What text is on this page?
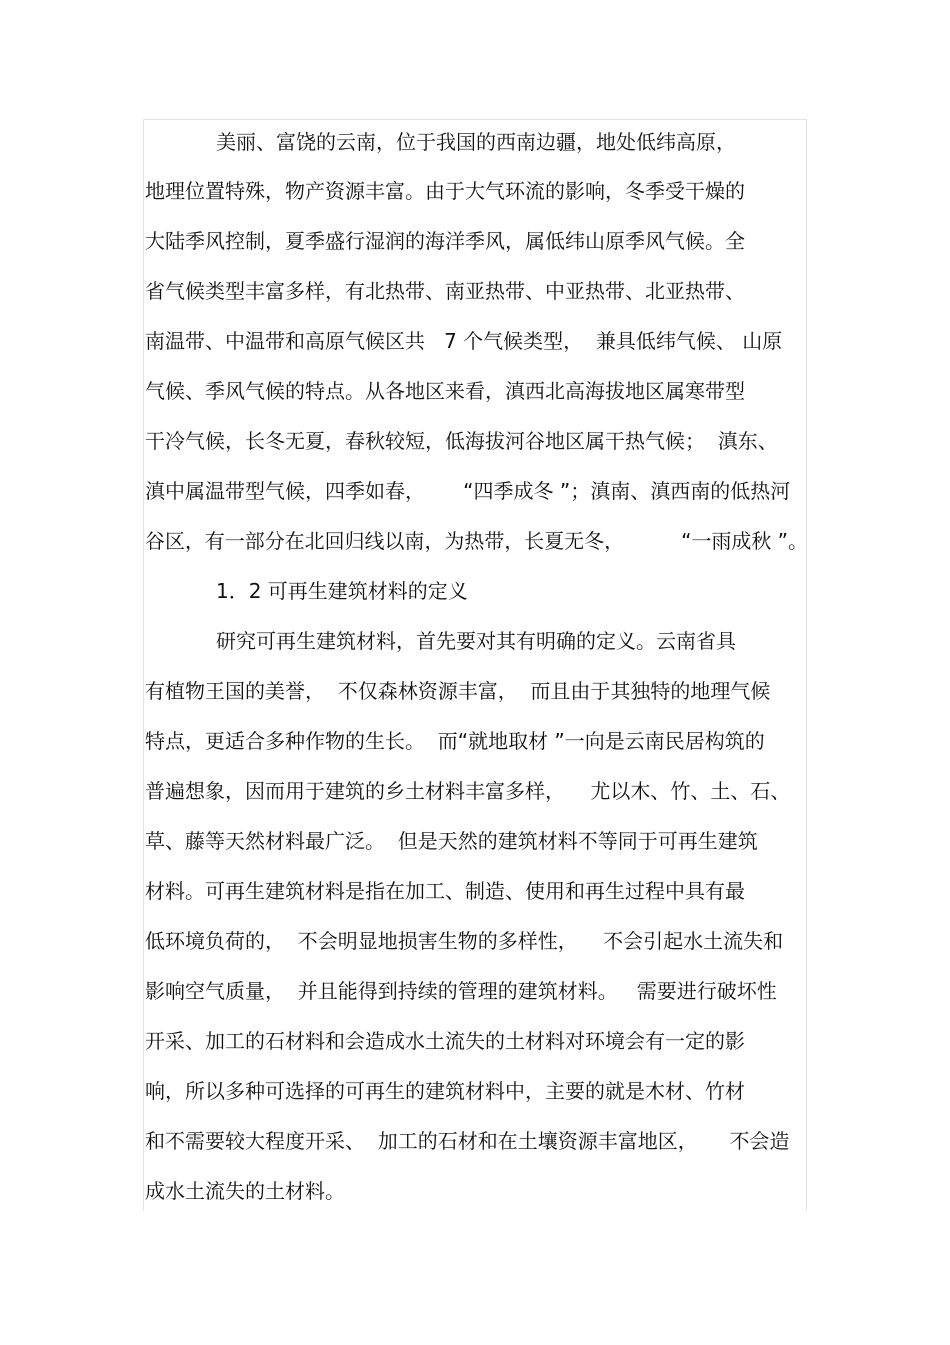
美丽、富饶的云南，位于我国的西南边疆，地处低纬高原，
地理位置特殊，物产资源丰富。由于大气环流的影响，冬季受干燥的
大陆季风控制，夏季盛行湿润的海洋季风，属低纬山原季风气候。全
省气候类型丰富多样，有北热带、南亚热带、中亚热带、北亚热带、
南温带、中温带和高原气候区共   7 个气候类型，  兼具低纬气候、 山原
气候、季风气候的特点。从各地区来看，滇西北高海拔地区属寒带型
干冷气候，长冬无夏，春秋较短，低海拔河谷地区属干热气候；  滇东、
滇中属温带型气候，四季如春，      “四季成冬 ”；滇南、滇西南的低热河
谷区，有一部分在北回归线以南，为热带，长夏无冬，         “一雨成秋 ”。
1．2 可再生建筑材料的定义
研究可再生建筑材料，首先要对其有明确的定义。云南省具
有植物王国的美誉，  不仅森林资源丰富，  而且由于其独特的地理气候
特点，更适合多种作物的生长。  而“就地取材 ”一向是云南民居构筑的
普遍想象，因而用于建筑的乡土材料丰富多样，    尤以木、竹、土、石、
草、藤等天然材料最广泛。  但是天然的建筑材料不等同于可再生建筑
材料。可再生建筑材料是指在加工、制造、使用和再生过程中具有最
低环境负荷的，  不会明显地损害生物的多样性，    不会引起水土流失和
影响空气质量，  并且能得到持续的管理的建筑材料。   需要进行破坏性
开采、加工的石材料和会造成水土流失的土材料对环境会有一定的影
响，所以多种可选择的可再生的建筑材料中，主要的就是木材、竹材
和不需要较大程度开采、  加工的石材和在土壤资源丰富地区，     不会造
成水土流失的土材料。
